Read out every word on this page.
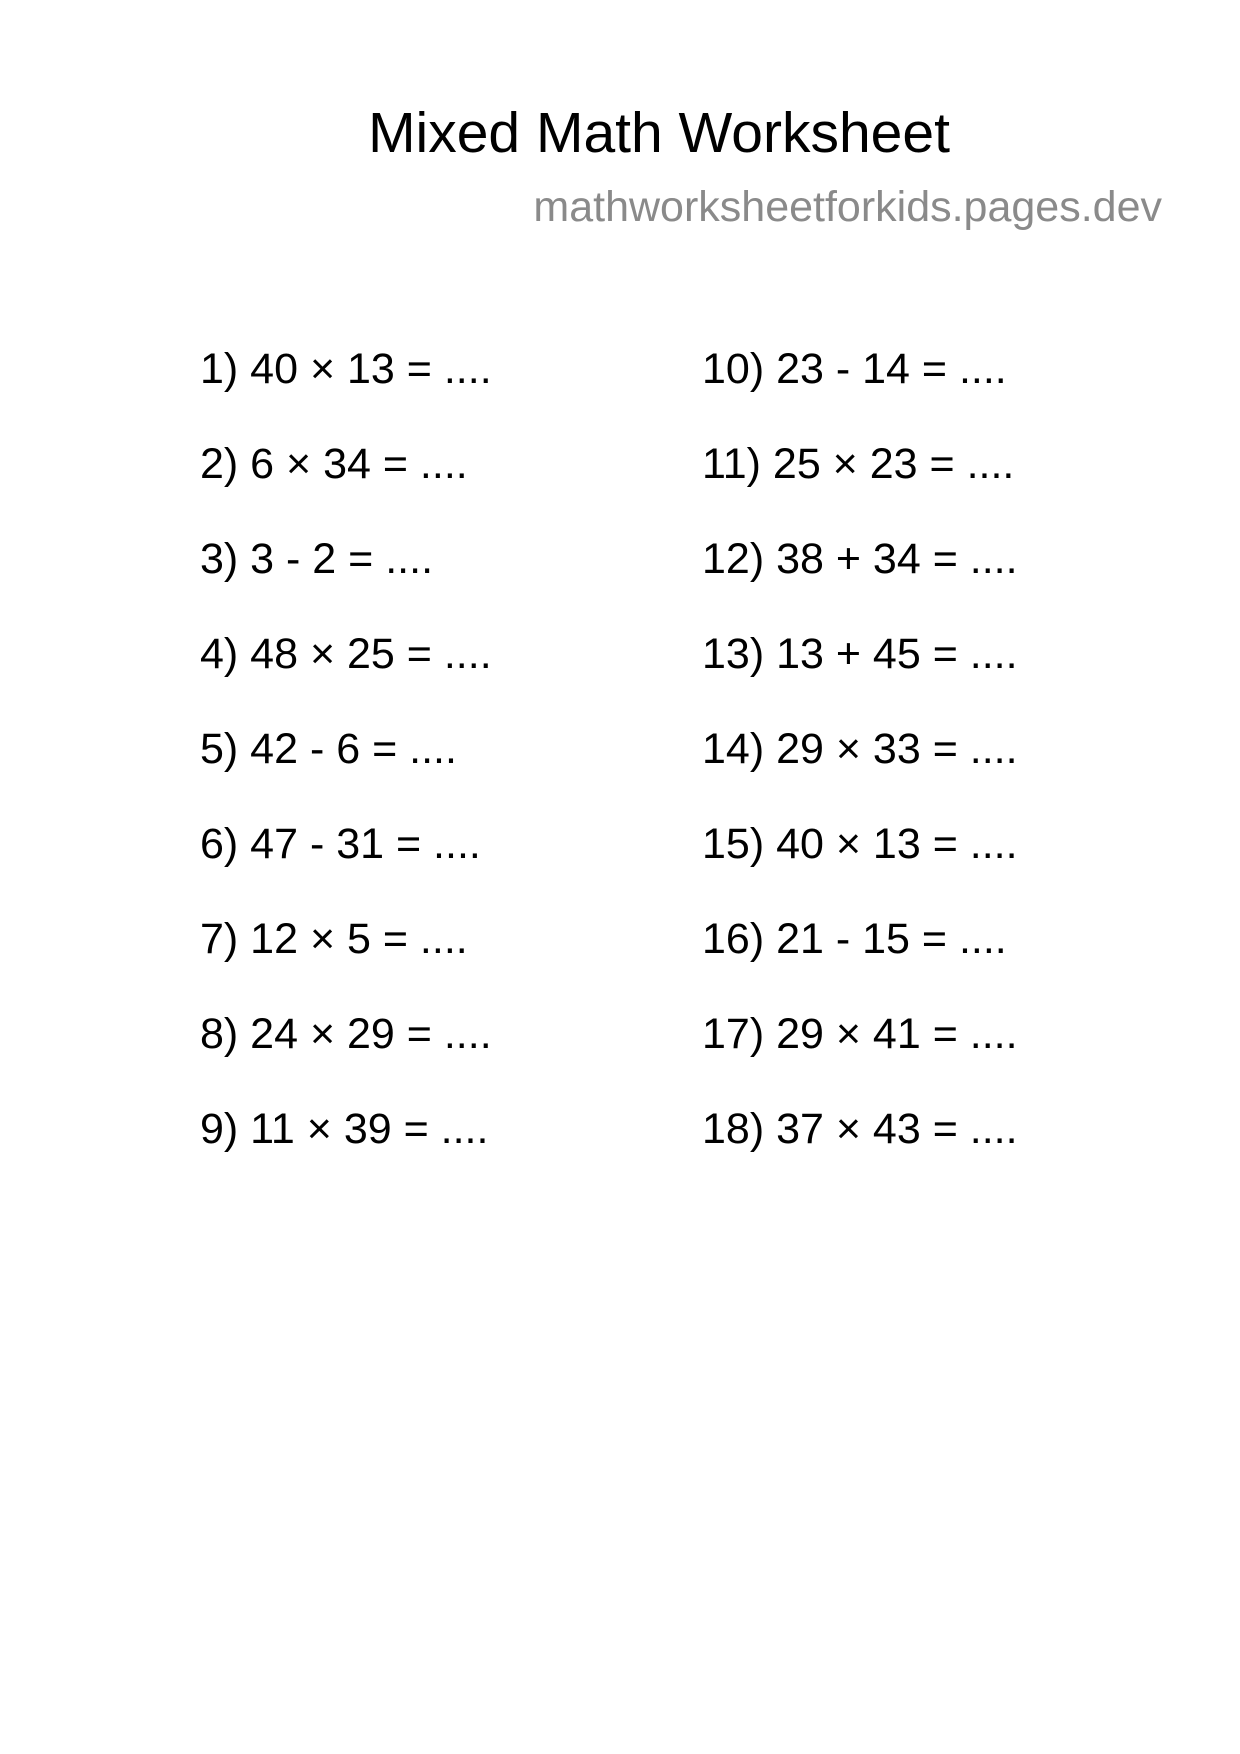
Mixed Math Worksheet
mathworksheetforkids.pages.dev
1) 40 × 13 = ....
2) 6 × 34 = ....
3) 3 - 2 = ....
4) 48 × 25 = ....
5) 42 - 6 = ....
6) 47 - 31 = ....
7) 12 × 5 = ....
8) 24 × 29 = ....
9) 11 × 39 = ....
10) 23 - 14 = ....
11) 25 × 23 = ....
12) 38 + 34 = ....
13) 13 + 45 = ....
14) 29 × 33 = ....
15) 40 × 13 = ....
16) 21 - 15 = ....
17) 29 × 41 = ....
18) 37 × 43 = ....
